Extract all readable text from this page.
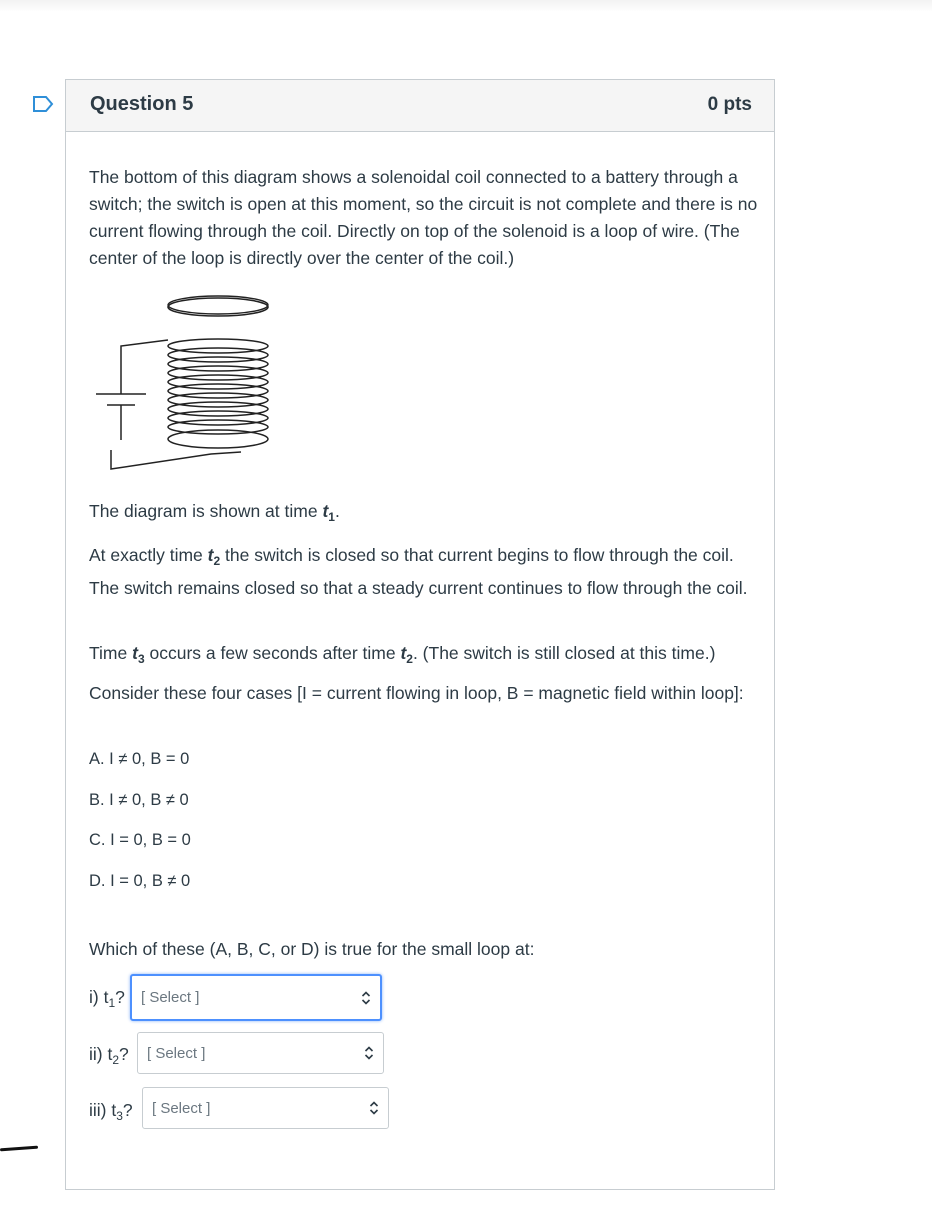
Question 5	0 pts

The bottom of this diagram shows a solenoidal coil connected to a battery through a switch; the switch is open at this moment, so the circuit is not complete and there is no current flowing through the coil. Directly on top of the solenoid is a loop of wire. (The center of the loop is directly over the center of the coil.)

The diagram is shown at time $t_1$.

At exactly time $t_2$ the switch is closed so that current begins to flow through the coil. The switch remains closed so that a steady current continues to flow through the coil.

Time $t_3$ occurs a few seconds after time $t_2$. (The switch is still closed at this time.)

Consider these four cases [I = current flowing in loop, B = magnetic field within loop]:

A. I ≠ 0, B = 0
B. I ≠ 0, B ≠ 0
C. I = 0, B = 0
D. I = 0, B ≠ 0

Which of these (A, B, C, or D) is true for the small loop at:

i) $t_1$? [ Select ]
ii) $t_2$? [ Select ]
iii) $t_3$? [ Select ]
